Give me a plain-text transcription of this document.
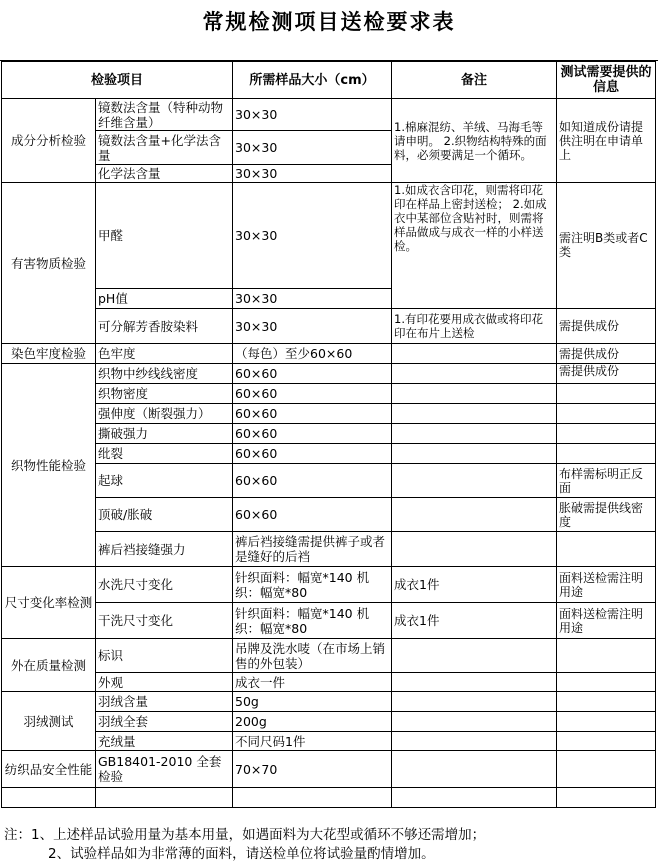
常规检测项目送检要求表
检验项目		所需样品大小（cm）	备注	测试需要提供的信息
成分分析检验	镜数法含量（特种动物纤维含量）	30×30	1.棉麻混纺、羊绒、马海毛等请申明。 2.织物结构特殊的面料，必须要满足一个循环。	如知道成份请提供注明在申请单上
	镜数法含量+化学法含量	30×30		
	化学法含量	30×30		
有害物质检验	甲醛	30×30	1.如成衣含印花，则需将印花印在样品上密封送检； 2.如成衣中某部位含贴衬时，则需将样品做成与成衣一样的小样送检。	需注明B类或者C类
	pH值	30×30		
	可分解芳香胺染料	30×30	1.有印花要用成衣做或将印花印在布片上送检	需提供成份
染色牢度检验	色牢度	（每色）至少60×60		需提供成份
织物性能检验	织物中纱线线密度	60×60		需提供成份
	织物密度	60×60		
	强伸度（断裂强力）	60×60		
	撕破强力	60×60		
	纰裂	60×60		
	起球	60×60		布样需标明正反面
	顶破/胀破	60×60		胀破需提供线密度
	裤后裆接缝强力	裤后裆接缝需提供裤子或者是缝好的后裆		
尺寸变化率检测	水洗尺寸变化	针织面料：幅宽*140 机织：幅宽*80	成衣1件	面料送检需注明用途
	干洗尺寸变化	针织面料：幅宽*140 机织：幅宽*80	成衣1件	面料送检需注明用途
外在质量检测	标识	吊牌及洗水唛（在市场上销售的外包装）		
	外观	成衣一件		
羽绒测试	羽绒含量	50g		
	羽绒全套	200g		
	充绒量	不同尺码1件		
纺织品安全性能	GB18401-2010 全套检验	70×70		

注：1、上述样品试验用量为基本用量，如遇面料为大花型或循环不够还需增加；
2、试验样品如为非常薄的面料，请送检单位将试验量酌情增加。
